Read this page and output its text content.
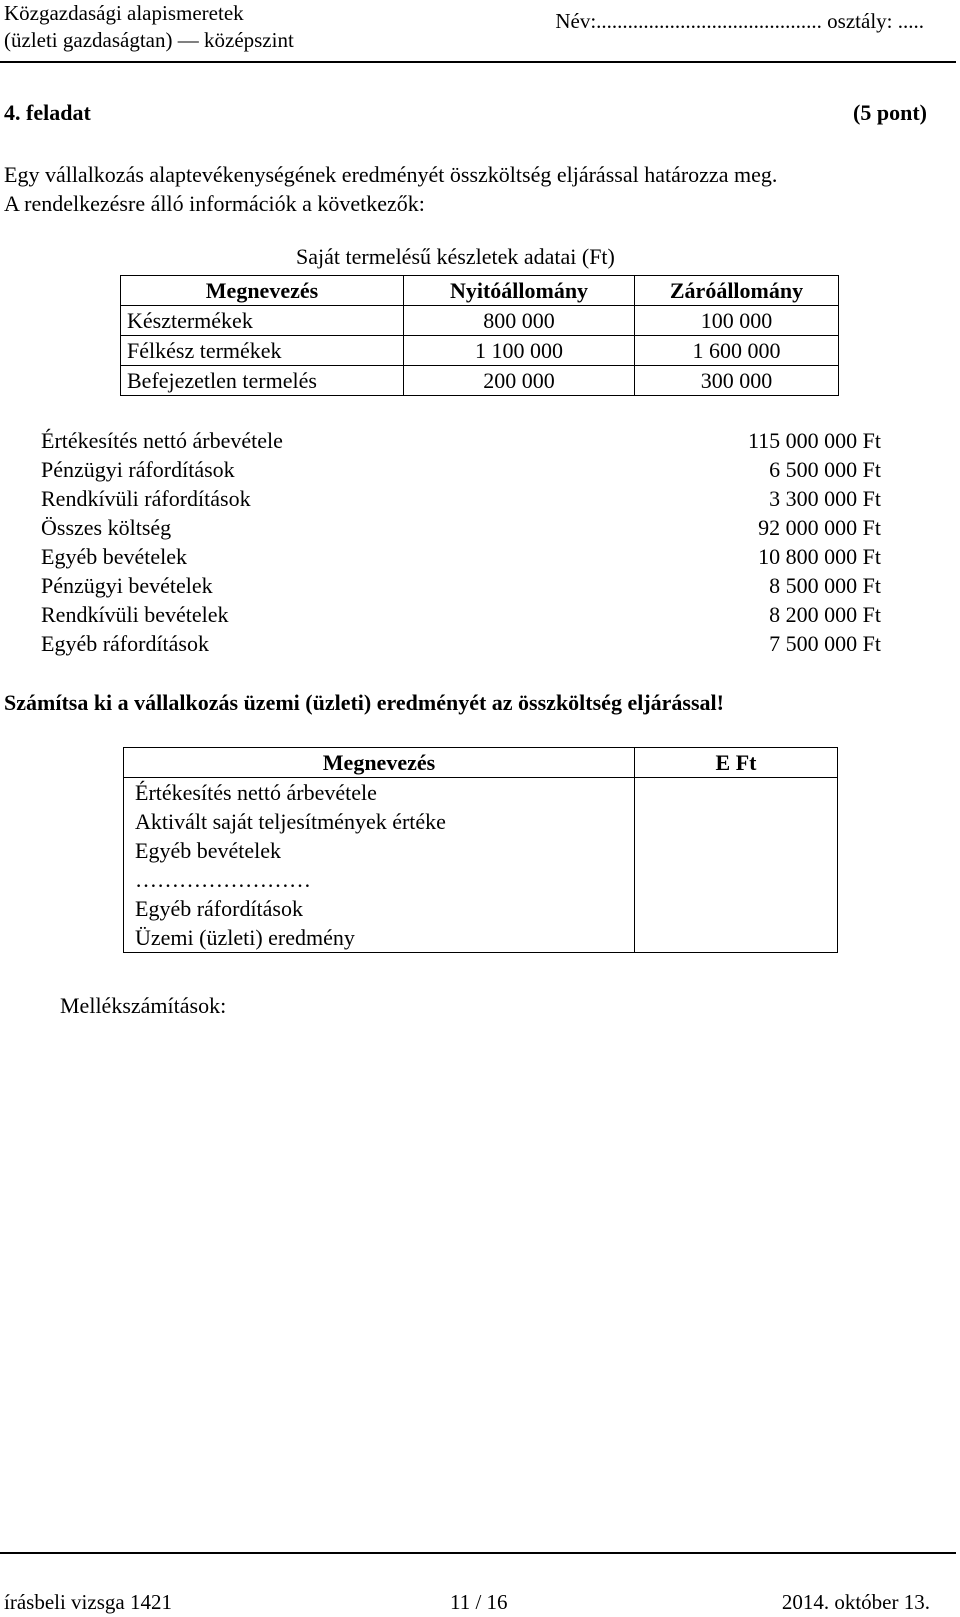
Közgazdasági alapismeretek
(üzleti gazdaságtan) — középszint
Név:........................................... osztály: .....
4. feladat	(5 pont)
Egy vállalkozás alaptevékenységének eredményét összköltség eljárással határozza meg.
A rendelkezésre álló információk a következők:
Saját termelésű készletek adatai (Ft)
Megnevezés	Nyitóállomány	Záróállomány
Késztermékek	800 000	100 000
Félkész termékek	1 100 000	1 600 000
Befejezetlen termelés	200 000	300 000
Értékesítés nettó árbevétele	115 000 000 Ft
Pénzügyi ráfordítások	6 500 000 Ft
Rendkívüli ráfordítások	3 300 000 Ft
Összes költség	92 000 000 Ft
Egyéb bevételek	10 800 000 Ft
Pénzügyi bevételek	8 500 000 Ft
Rendkívüli bevételek	8 200 000 Ft
Egyéb ráfordítások	7 500 000 Ft
Számítsa ki a vállalkozás üzemi (üzleti) eredményét az összköltség eljárással!
Megnevezés	E Ft
Értékesítés nettó árbevétele	
Aktivált saját teljesítmények értéke	
Egyéb bevételek	
……………………	
Egyéb ráfordítások	
Üzemi (üzleti) eredmény	
Mellékszámítások:
írásbeli vizsga 1421	11 / 16	2014. október 13.
